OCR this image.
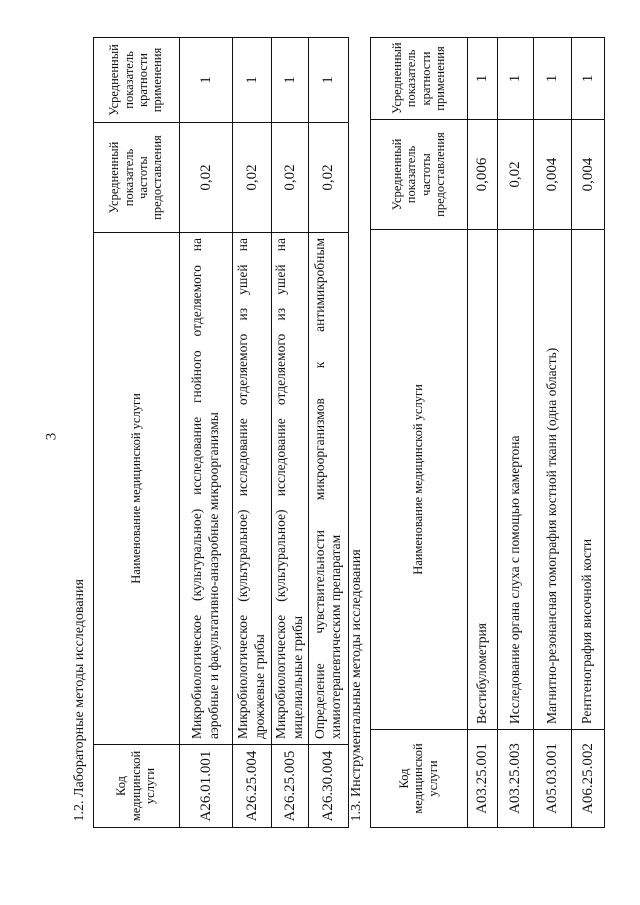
3
1.2. Лабораторные методы исследования			
Код медицинской услуги	Наименование медицинской услуги	Усредненный показатель частоты предоставления	Усредненный показатель кратности применения
A26.01.001	Микробиологическое (культуральное) исследование гнойного отделяемого на аэробные и факультативно-анаэробные микроорганизмы	0,02	1
A26.25.004	Микробиологическое (культуральное) исследование отделяемого из ушей на дрожжевые грибы	0,02	1
A26.25.005	Микробиологическое (культуральное) исследование отделяемого из ушей на мицелиальные грибы	0,02	1
A26.30.004	Определение чувствительности микроорганизмов к антимикробным химиотерапевтическим препаратам	0,02	1
1.3. Инструментальные методы исследования			
Код медицинской услуги	Наименование медицинской услуги	Усредненный показатель частоты предоставления	Усредненный показатель кратности применения
A03.25.001	Вестибулометрия	0,006	1
A03.25.003	Исследование органа слуха с помощью камертона	0,02	1
A05.03.001	Магнитно-резонансная томография костной ткани (одна область)	0,004	1
A06.25.002	Рентгенография височной кости	0,004	1
